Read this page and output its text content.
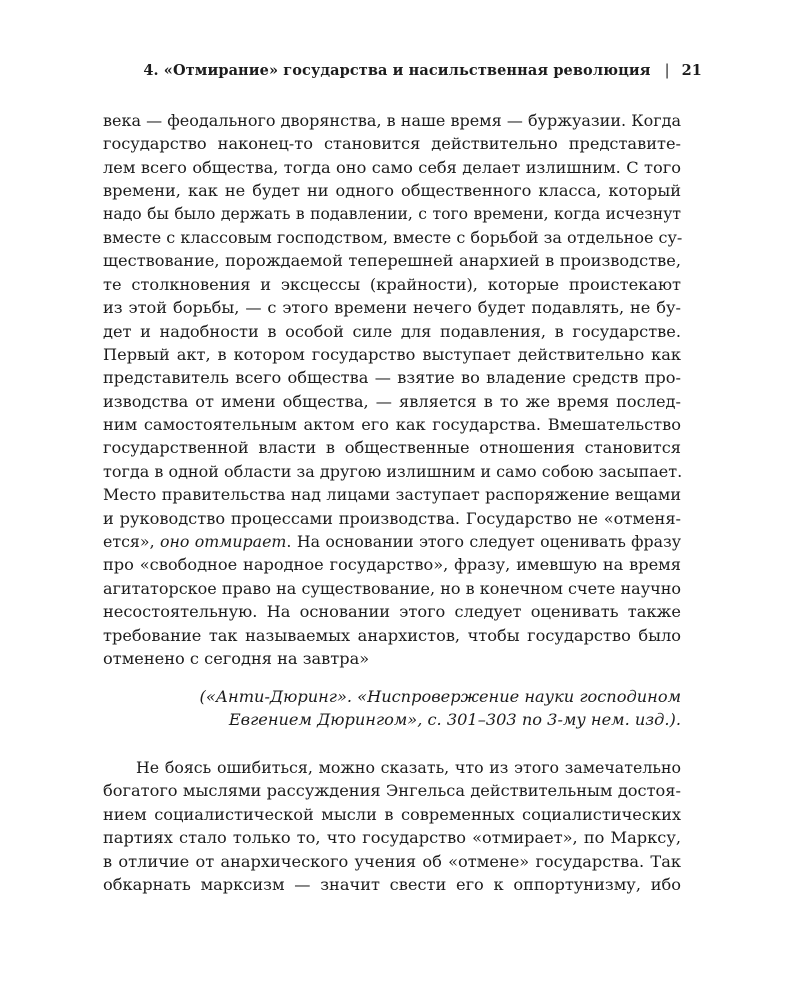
4. «Отмирание» государства и насильственная революция | 21
века — феодального дворянства, в наше время — буржуазии. Когда
государство наконец-то становится действительно представите-
лем всего общества, тогда оно само себя делает излишним. С того
времени, как не будет ни одного общественного класса, который
надо бы было держать в подавлении, с того времени, когда исчезнут
вместе с классовым господством, вместе с борьбой за отдельное су-
ществование, порождаемой теперешней анархией в производстве,
те столкновения и эксцессы (крайности), которые проистекают
из этой борьбы, — с этого времени нечего будет подавлять, не бу-
дет и надобности в особой силе для подавления, в государстве.
Первый акт, в котором государство выступает действительно как
представитель всего общества — взятие во владение средств про-
изводства от имени общества, — является в то же время послед-
ним самостоятельным актом его как государства. Вмешательство
государственной власти в общественные отношения становится
тогда в одной области за другою излишним и само собою засыпает.
Место правительства над лицами заступает распоряжение вещами
и руководство процессами производства. Государство не «отменя-
ется», оно отмирает. На основании этого следует оценивать фразу
про «свободное народное государство», фразу, имевшую на время
агитаторское право на существование, но в конечном счете научно
несостоятельную. На основании этого следует оценивать также
требование так называемых анархистов, чтобы государство было
отменено с сегодня на завтра»
(«Анти-Дюринг». «Ниспровержение науки господином
Евгением Дюрингом», с. 301–303 по 3-му нем. изд.).
Не боясь ошибиться, можно сказать, что из этого замечательно
богатого мыслями рассуждения Энгельса действительным достоя-
нием социалистической мысли в современных социалистических
партиях стало только то, что государство «отмирает», по Марксу,
в отличие от анархического учения об «отмене» государства. Так
обкарнать марксизм — значит свести его к оппортунизму, ибо
